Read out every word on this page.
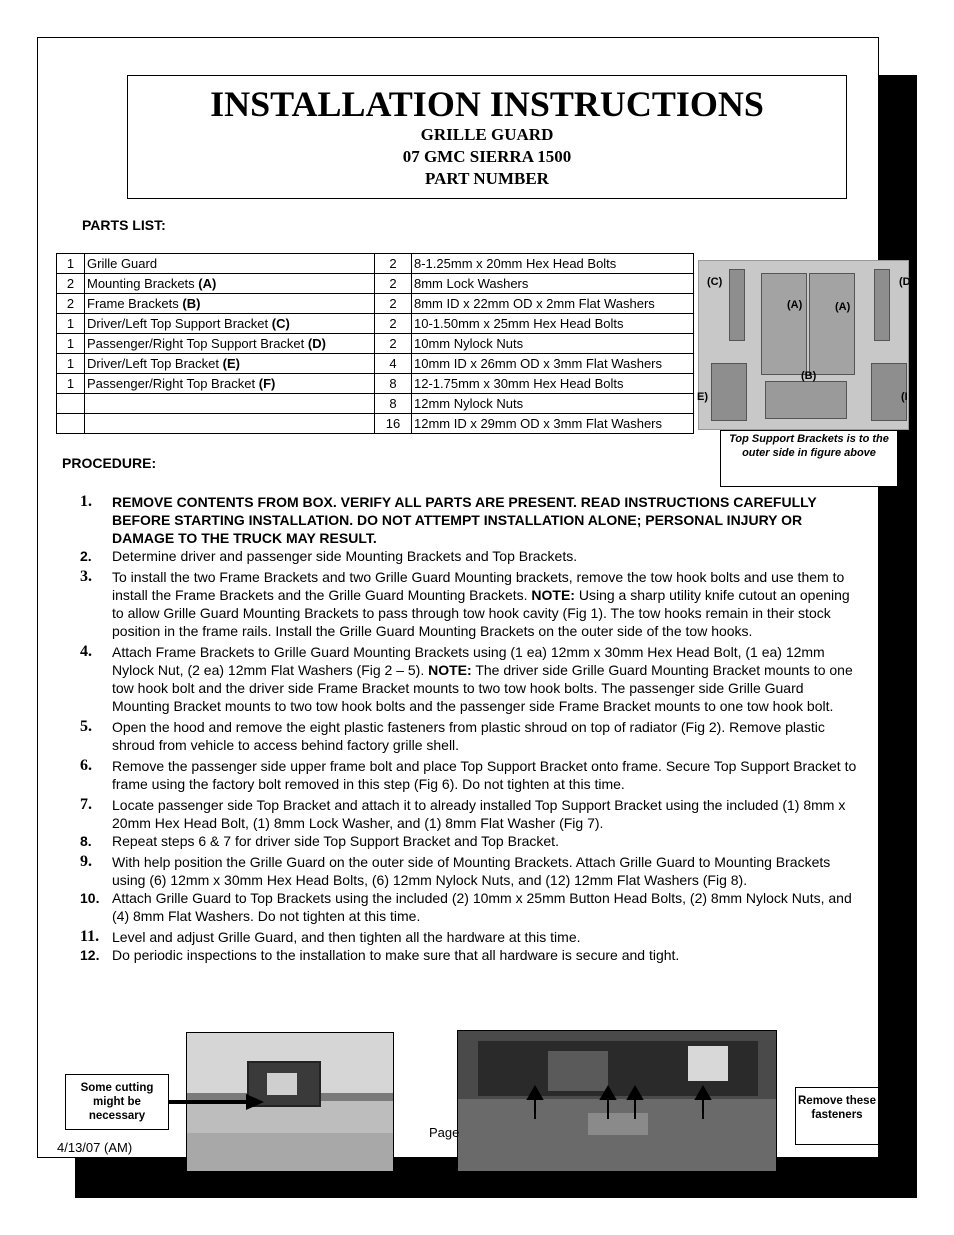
INSTALLATION INSTRUCTIONS
GRILLE GUARD
07 GMC SIERRA 1500
PART NUMBER
PARTS LIST:
1	Grille Guard	2	8-1.25mm x 20mm Hex Head Bolts
2	Mounting Brackets (A)	2	8mm Lock Washers
2	Frame Brackets (B)	2	8mm ID x 22mm OD x 2mm Flat Washers
1	Driver/Left Top Support Bracket (C)	2	10-1.50mm x 25mm Hex Head Bolts
1	Passenger/Right Top Support Bracket (D)	2	10mm Nylock Nuts
1	Driver/Left Top Bracket (E)	4	10mm ID x 26mm OD x 3mm Flat Washers
1	Passenger/Right Top Bracket (F)	8	12-1.75mm x 30mm Hex Head Bolts
		8	12mm Nylock Nuts
		16	12mm ID x 29mm OD x 3mm Flat Washers
(C)	(D
(A)	(A)
(B)
E)	(I
Top Support Brackets is to the outer side in figure above
PROCEDURE:
1.	REMOVE CONTENTS FROM BOX. VERIFY ALL PARTS ARE PRESENT. READ INSTRUCTIONS CAREFULLY BEFORE STARTING INSTALLATION. DO NOT ATTEMPT INSTALLATION ALONE; PERSONAL INJURY OR DAMAGE TO THE TRUCK MAY RESULT.
2.	Determine driver and passenger side Mounting Brackets and Top Brackets.
3.	To install the two Frame Brackets and two Grille Guard Mounting brackets, remove the tow hook bolts and use them to install the Frame Brackets and the Grille Guard Mounting Brackets. NOTE: Using a sharp utility knife cutout an opening to allow Grille Guard Mounting Brackets to pass through tow hook cavity (Fig 1). The tow hooks remain in their stock position in the frame rails. Install the Grille Guard Mounting Brackets on the outer side of the tow hooks.
4.	Attach Frame Brackets to Grille Guard Mounting Brackets using (1 ea) 12mm x 30mm Hex Head Bolt, (1 ea) 12mm Nylock Nut, (2 ea) 12mm Flat Washers (Fig 2 – 5). NOTE: The driver side Grille Guard Mounting Bracket mounts to one tow hook bolt and the driver side Frame Bracket mounts to two tow hook bolts. The passenger side Grille Guard Mounting Bracket mounts to two tow hook bolts and the passenger side Frame Bracket mounts to one tow hook bolt.
5.	Open the hood and remove the eight plastic fasteners from plastic shroud on top of radiator (Fig 2). Remove plastic shroud from vehicle to access behind factory grille shell.
6.	Remove the passenger side upper frame bolt and place Top Support Bracket onto frame. Secure Top Support Bracket to frame using the factory bolt removed in this step (Fig 6). Do not tighten at this time.
7.	Locate passenger side Top Bracket and attach it to already installed Top Support Bracket using the included (1) 8mm x 20mm Hex Head Bolt, (1) 8mm Lock Washer, and (1) 8mm Flat Washer (Fig 7).
8.	Repeat steps 6 & 7 for driver side Top Support Bracket and Top Bracket.
9.	With help position the Grille Guard on the outer side of Mounting Brackets. Attach Grille Guard to Mounting Brackets using (6) 12mm x 30mm Hex Head Bolts, (6) 12mm Nylock Nuts, and (12) 12mm Flat Washers (Fig 8).
10. Attach Grille Guard to Top Brackets using the included (2) 10mm x 25mm Button Head Bolts, (2) 8mm Nylock Nuts, and (4) 8mm Flat Washers. Do not tighten at this time.
11. Level and adjust Grille Guard, and then tighten all the hardware at this time.
12. Do periodic inspections to the installation to make sure that all hardware is secure and tight.
Some cutting might be necessary
Remove these fasteners
4/13/07 (AM)
Page
